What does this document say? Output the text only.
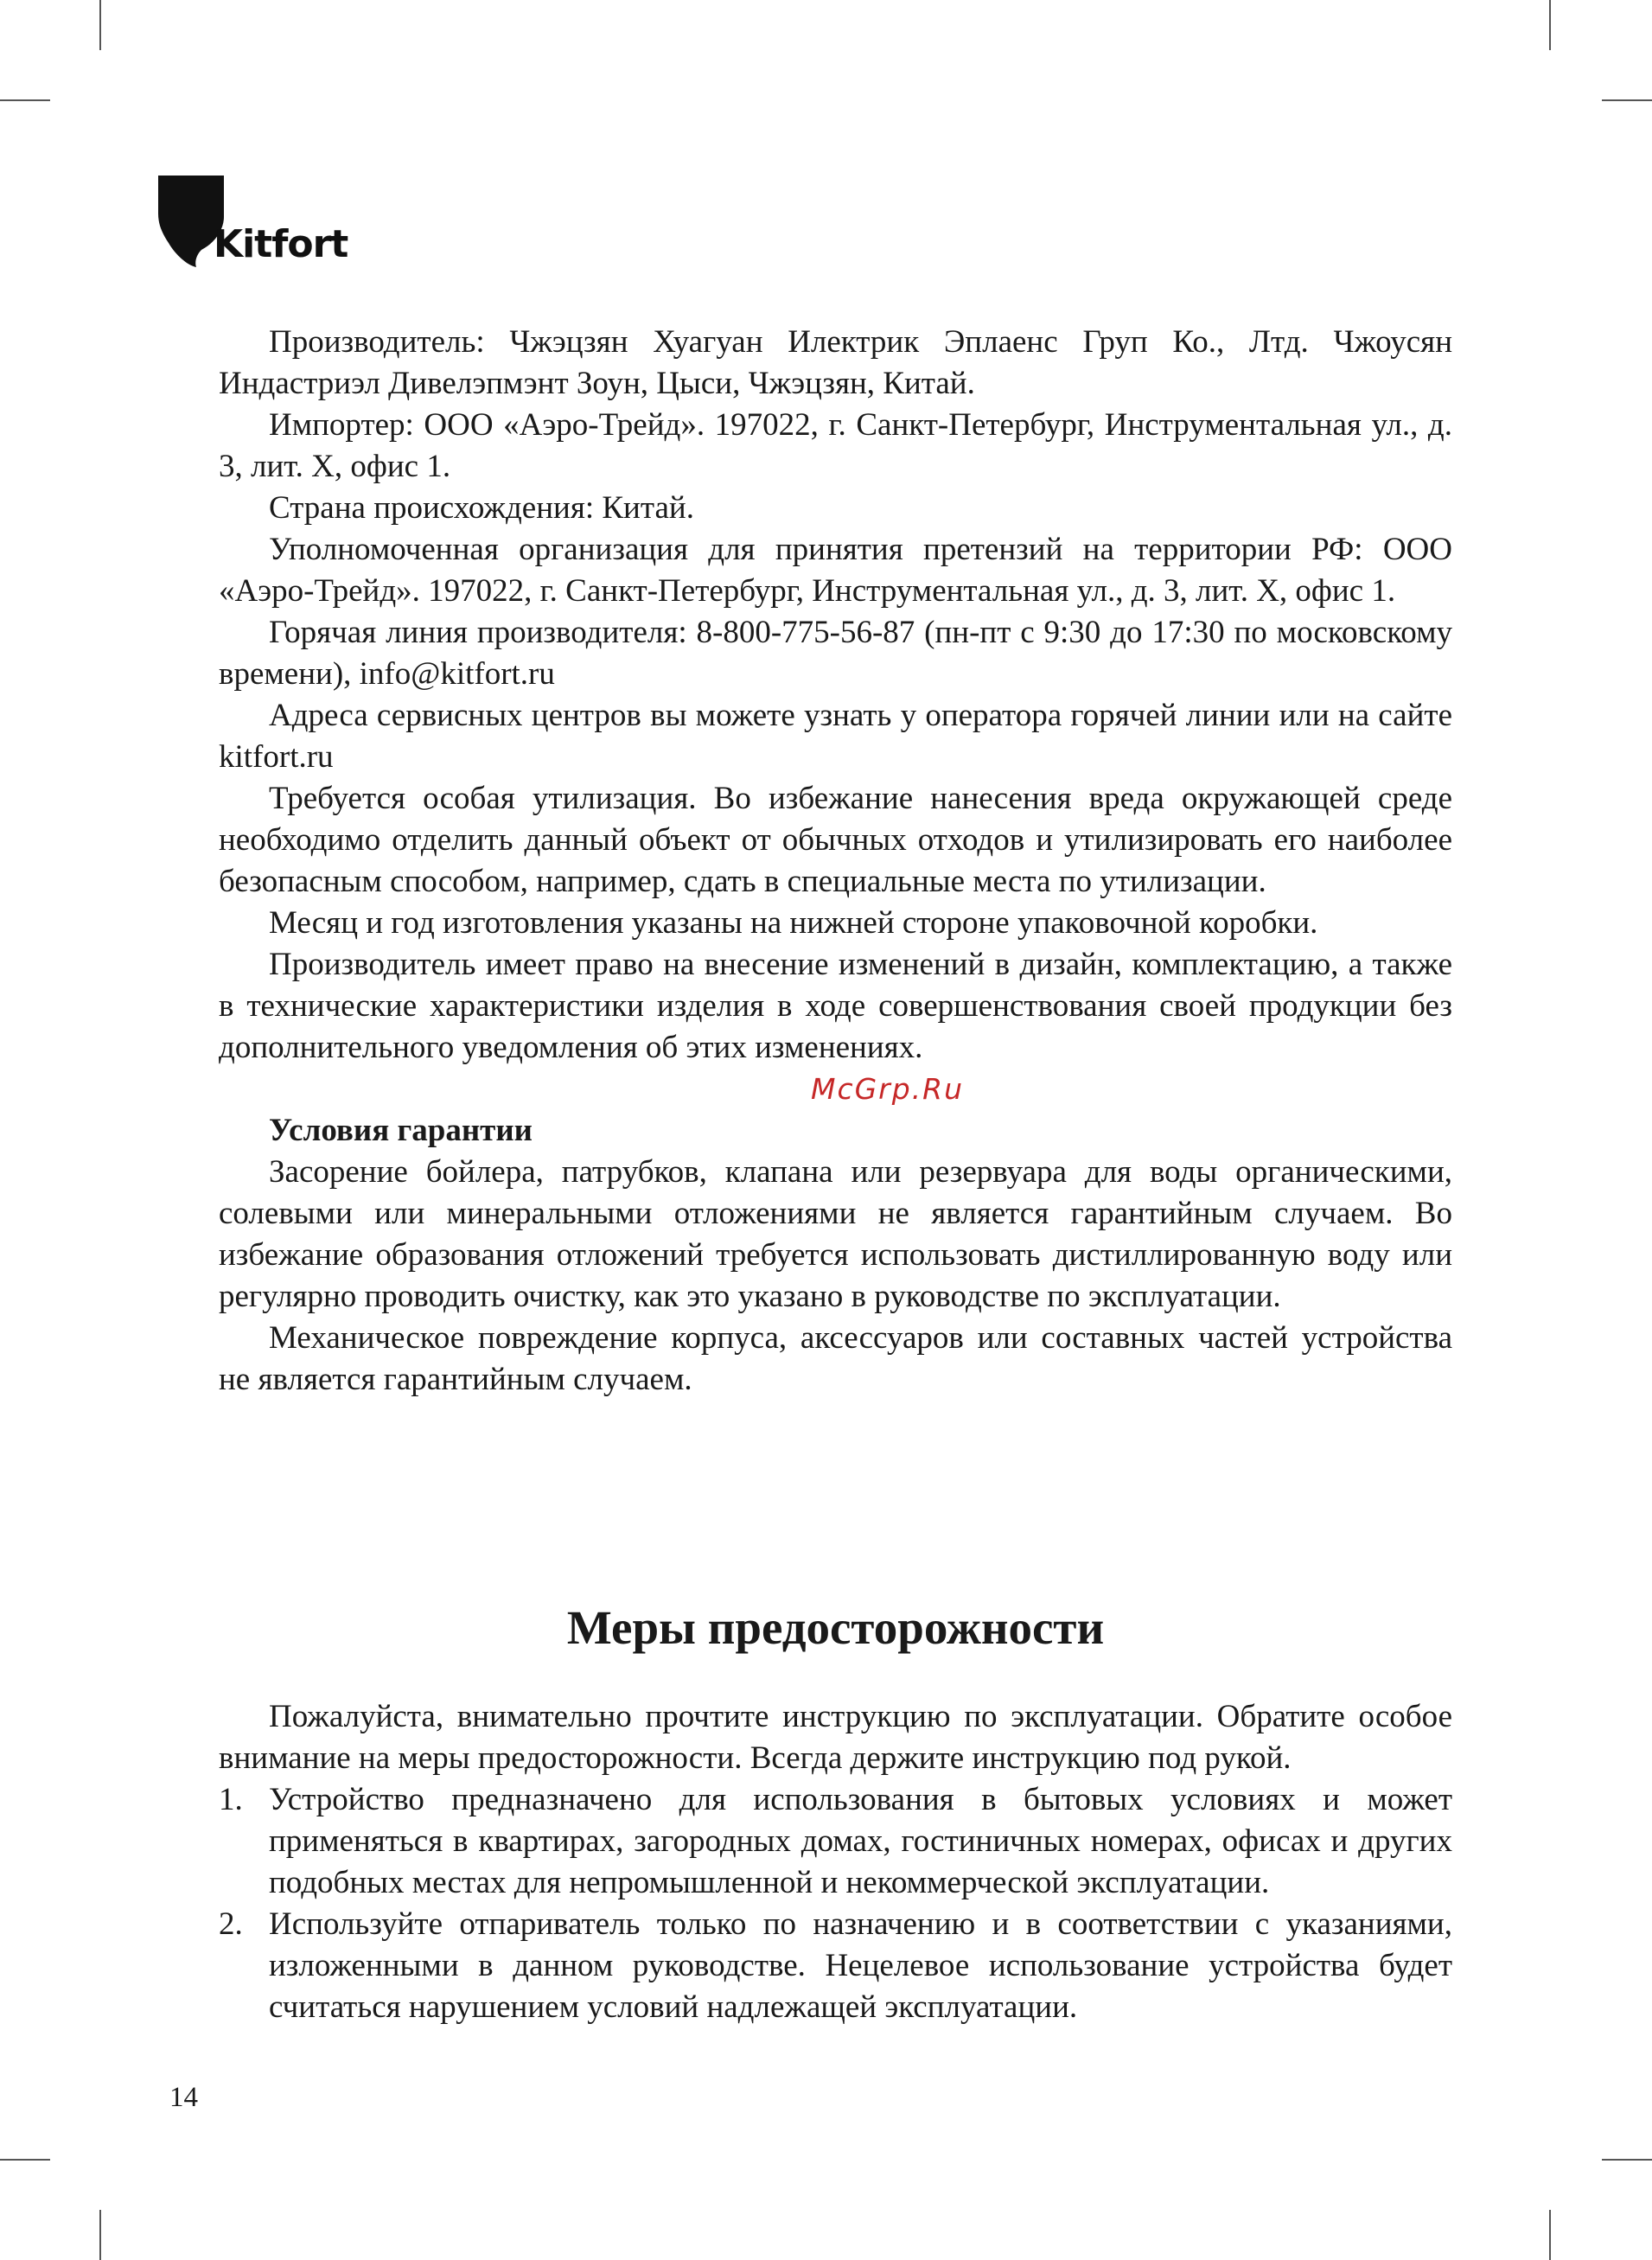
Kitfort

Производитель: Чжэцзян Хуагуан Илектрик Эплаенс Груп Ко., Лтд. Чжоусян Индастриэл Дивелэпмэнт Зоун, Цыси, Чжэцзян, Китай.

Импортер: ООО «Аэро-Трейд». 197022, г. Санкт-Петербург, Инструментальная ул., д. 3, лит. Х, офис 1.

Страна происхождения: Китай.

Уполномоченная организация для принятия претензий на территории РФ: ООО «Аэро-Трейд». 197022, г. Санкт-Петербург, Инструментальная ул., д. 3, лит. Х, офис 1.

Горячая линия производителя: 8-800-775-56-87 (пн-пт с 9:30 до 17:30 по московскому времени), info@kitfort.ru

Адреса сервисных центров вы можете узнать у оператора горячей линии или на сайте kitfort.ru

Требуется особая утилизация. Во избежание нанесения вреда окружающей среде необходимо отделить данный объект от обычных отходов и утилизировать его наиболее безопасным способом, например, сдать в специальные места по утилизации.

Месяц и год изготовления указаны на нижней стороне упаковочной коробки.

Производитель имеет право на внесение изменений в дизайн, комплектацию, а также в технические характеристики изделия в ходе совершенствования своей продукции без дополнительного уведомления об этих изменениях.

McGrp.Ru
Условия гарантии

Засорение бойлера, патрубков, клапана или резервуара для воды органическими, солевыми или минеральными отложениями не является гарантийным случаем. Во избежание образования отложений требуется использовать дистиллированную воду или регулярно проводить очистку, как это указано в руководстве по эксплуатации.

Механическое повреждение корпуса, аксессуаров или составных частей устройства не является гарантийным случаем.

Меры предосторожности

Пожалуйста, внимательно прочтите инструкцию по эксплуатации. Обратите особое внимание на меры предосторожности. Всегда держите инструкцию под рукой.

1. Устройство предназначено для использования в бытовых условиях и может применяться в квартирах, загородных домах, гостиничных номерах, офисах и других подобных местах для непромышленной и некоммерческой эксплуатации.
2. Используйте отпариватель только по назначению и в соответствии с указаниями, изложенными в данном руководстве. Нецелевое использование устройства будет считаться нарушением условий надлежащей эксплуатации.
14
